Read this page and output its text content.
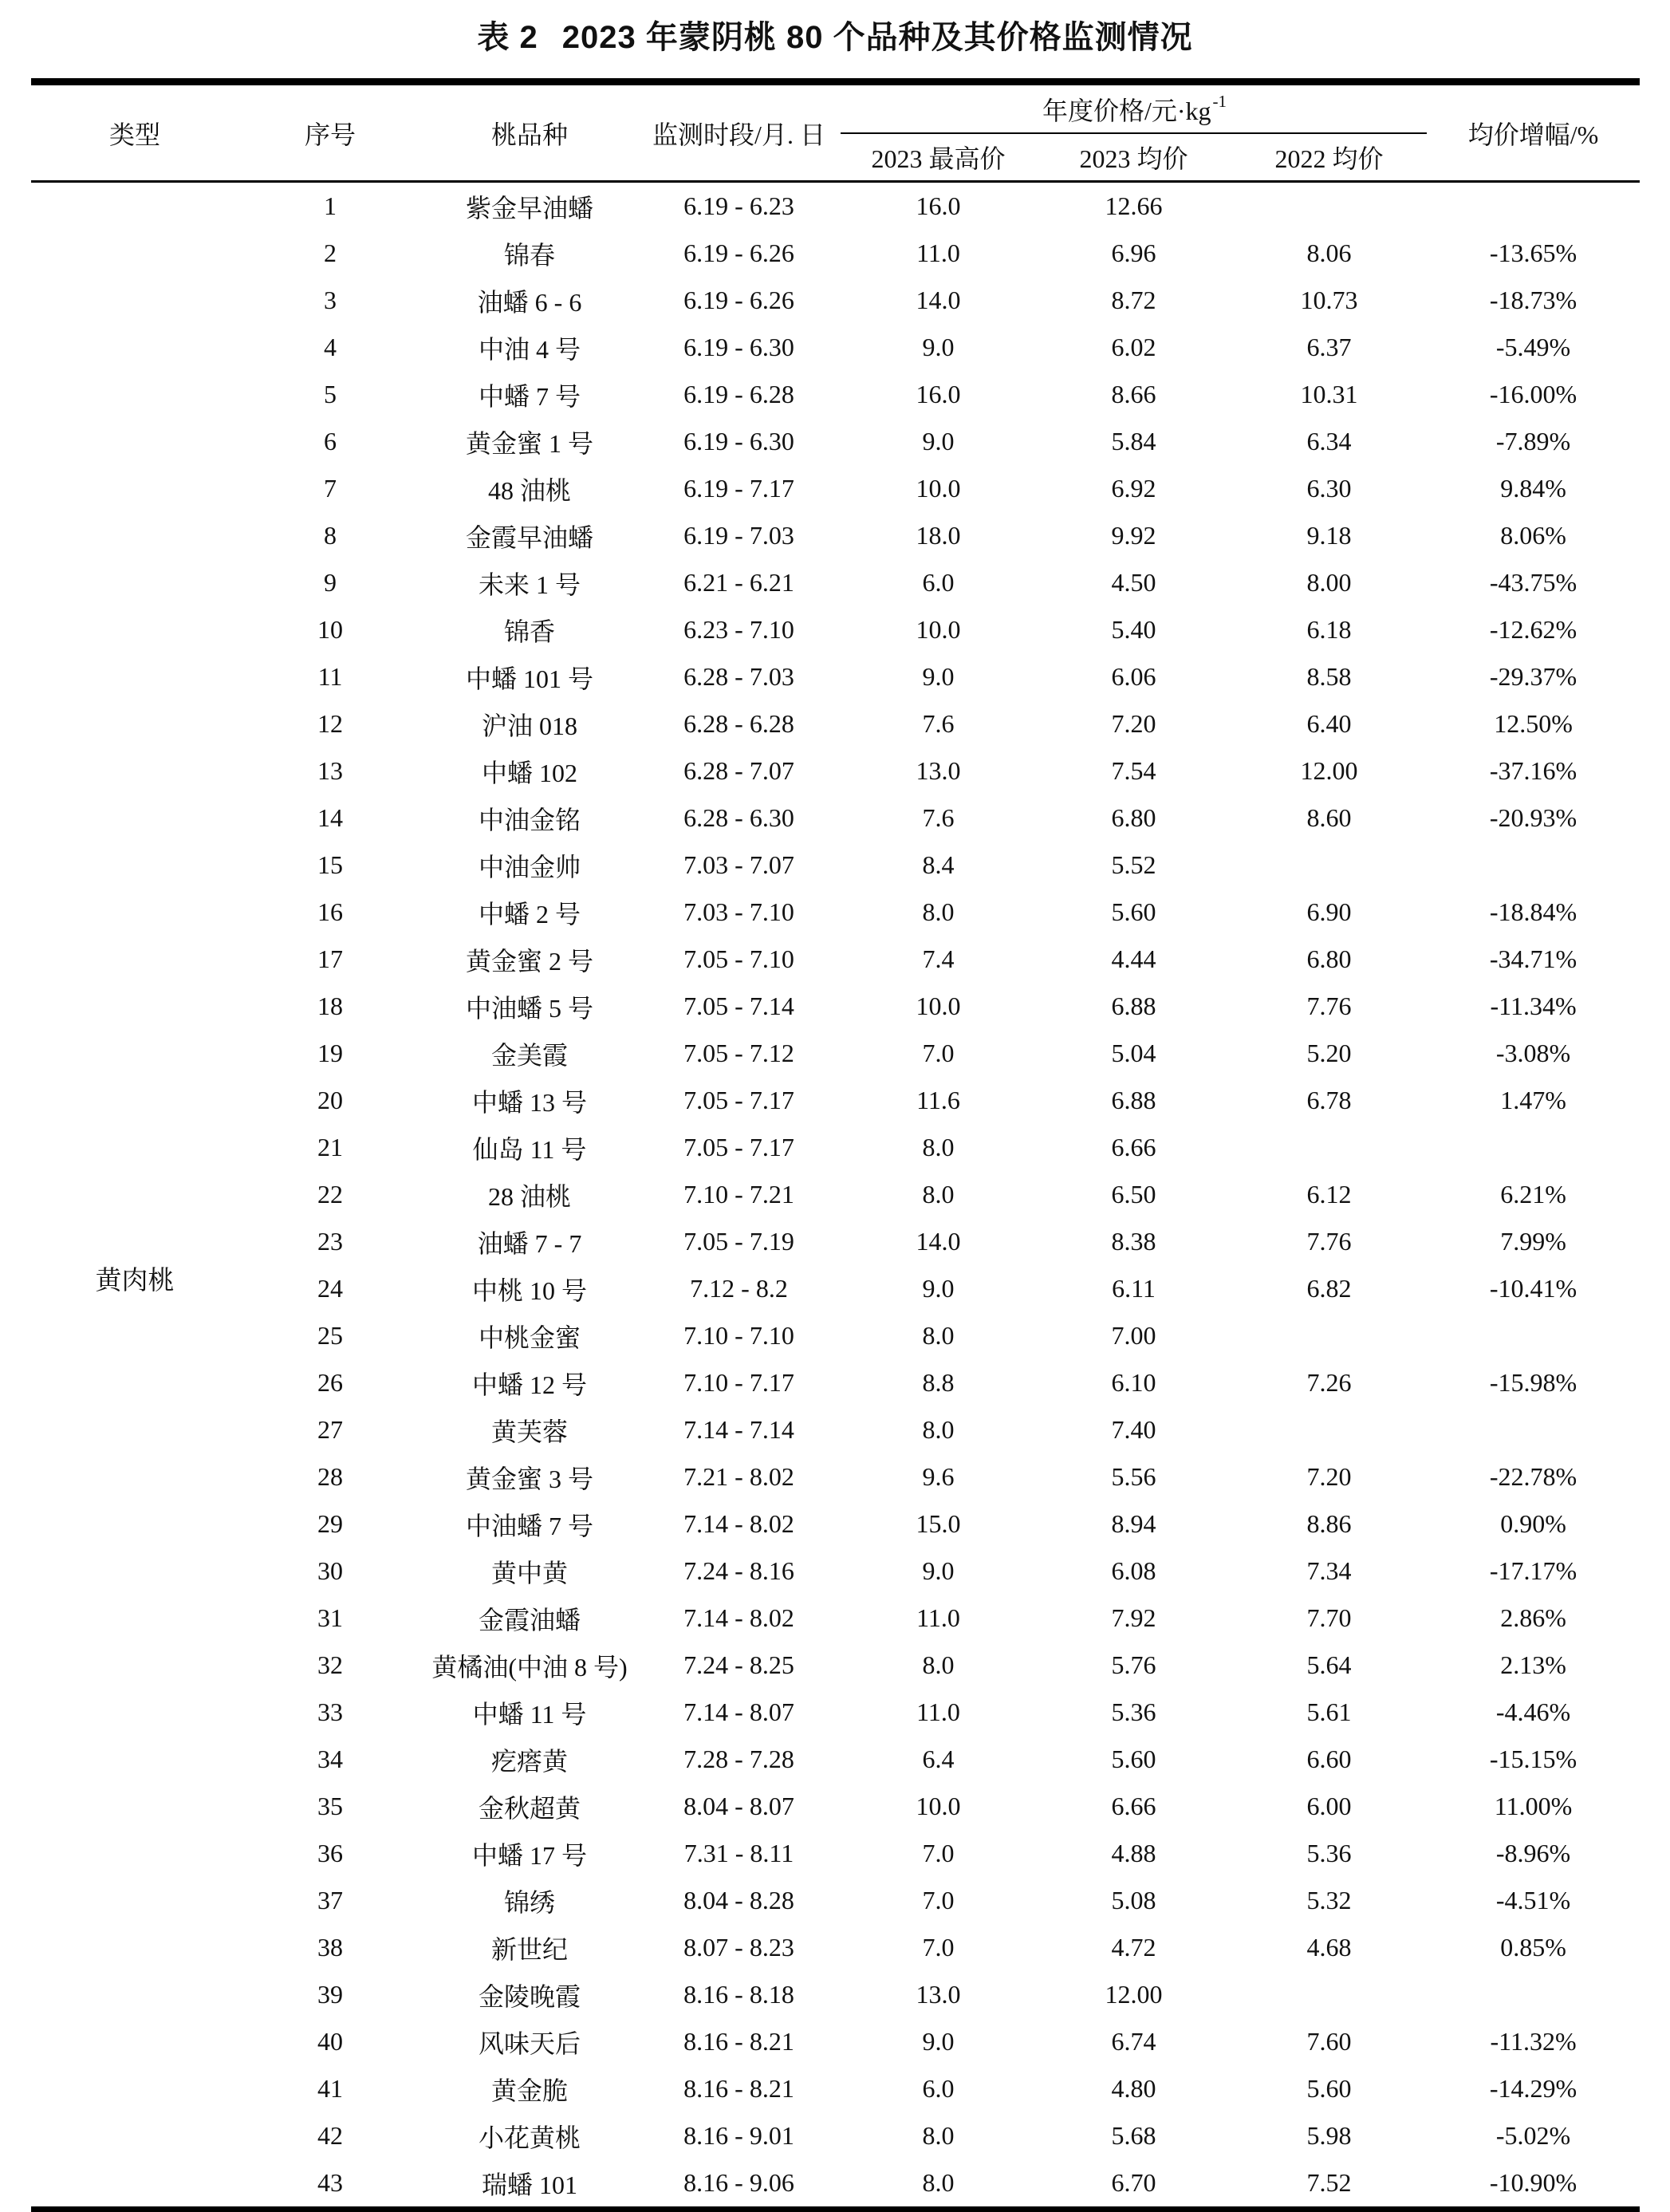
表 2 2023 年蒙阴桃 80 个品种及其价格监测情况
类型	序号	桃品种	监测时段/月. 日	年度价格/元$\cdot kg^{-1}$			均价增幅/%
				2023 最高价	2023 均价	2022 均价	
黄肉桃	1	紫金早油蟠	6.19 - 6.23	16.0	12.66		
	2	锦春	6.19 - 6.26	11.0	6.96	8.06	-13.65%
	3	油蟠 6 - 6	6.19 - 6.26	14.0	8.72	10.73	-18.73%
	4	中油 4 号	6.19 - 6.30	9.0	6.02	6.37	-5.49%
	5	中蟠 7 号	6.19 - 6.28	16.0	8.66	10.31	-16.00%
	6	黄金蜜 1 号	6.19 - 6.30	9.0	5.84	6.34	-7.89%
	7	48 油桃	6.19 - 7.17	10.0	6.92	6.30	9.84%
	8	金霞早油蟠	6.19 - 7.03	18.0	9.92	9.18	8.06%
	9	未来 1 号	6.21 - 6.21	6.0	4.50	8.00	-43.75%
	10	锦香	6.23 - 7.10	10.0	5.40	6.18	-12.62%
	11	中蟠 101 号	6.28 - 7.03	9.0	6.06	8.58	-29.37%
	12	沪油 018	6.28 - 6.28	7.6	7.20	6.40	12.50%
	13	中蟠 102	6.28 - 7.07	13.0	7.54	12.00	-37.16%
	14	中油金铭	6.28 - 6.30	7.6	6.80	8.60	-20.93%
	15	中油金帅	7.03 - 7.07	8.4	5.52		
	16	中蟠 2 号	7.03 - 7.10	8.0	5.60	6.90	-18.84%
	17	黄金蜜 2 号	7.05 - 7.10	7.4	4.44	6.80	-34.71%
	18	中油蟠 5 号	7.05 - 7.14	10.0	6.88	7.76	-11.34%
	19	金美霞	7.05 - 7.12	7.0	5.04	5.20	-3.08%
	20	中蟠 13 号	7.05 - 7.17	11.6	6.88	6.78	1.47%
	21	仙岛 11 号	7.05 - 7.17	8.0	6.66		
	22	28 油桃	7.10 - 7.21	8.0	6.50	6.12	6.21%
	23	油蟠 7 - 7	7.05 - 7.19	14.0	8.38	7.76	7.99%
	24	中桃 10 号	7.12 - 8.2	9.0	6.11	6.82	-10.41%
	25	中桃金蜜	7.10 - 7.10	8.0	7.00		
	26	中蟠 12 号	7.10 - 7.17	8.8	6.10	7.26	-15.98%
	27	黄芙蓉	7.14 - 7.14	8.0	7.40		
	28	黄金蜜 3 号	7.21 - 8.02	9.6	5.56	7.20	-22.78%
	29	中油蟠 7 号	7.14 - 8.02	15.0	8.94	8.86	0.90%
	30	黄中黄	7.24 - 8.16	9.0	6.08	7.34	-17.17%
	31	金霞油蟠	7.14 - 8.02	11.0	7.92	7.70	2.86%
	32	黄橘油(中油 8 号)	7.24 - 8.25	8.0	5.76	5.64	2.13%
	33	中蟠 11 号	7.14 - 8.07	11.0	5.36	5.61	-4.46%
	34	疙瘩黄	7.28 - 7.28	6.4	5.60	6.60	-15.15%
	35	金秋超黄	8.04 - 8.07	10.0	6.66	6.00	11.00%
	36	中蟠 17 号	7.31 - 8.11	7.0	4.88	5.36	-8.96%
	37	锦绣	8.04 - 8.28	7.0	5.08	5.32	-4.51%
	38	新世纪	8.07 - 8.23	7.0	4.72	4.68	0.85%
	39	金陵晚霞	8.16 - 8.18	13.0	12.00		
	40	风味天后	8.16 - 8.21	9.0	6.74	7.60	-11.32%
	41	黄金脆	8.16 - 8.21	6.0	4.80	5.60	-14.29%
	42	小花黄桃	8.16 - 9.01	8.0	5.68	5.98	-5.02%
	43	瑞蟠 101	8.16 - 9.06	8.0	6.70	7.52	-10.90%
